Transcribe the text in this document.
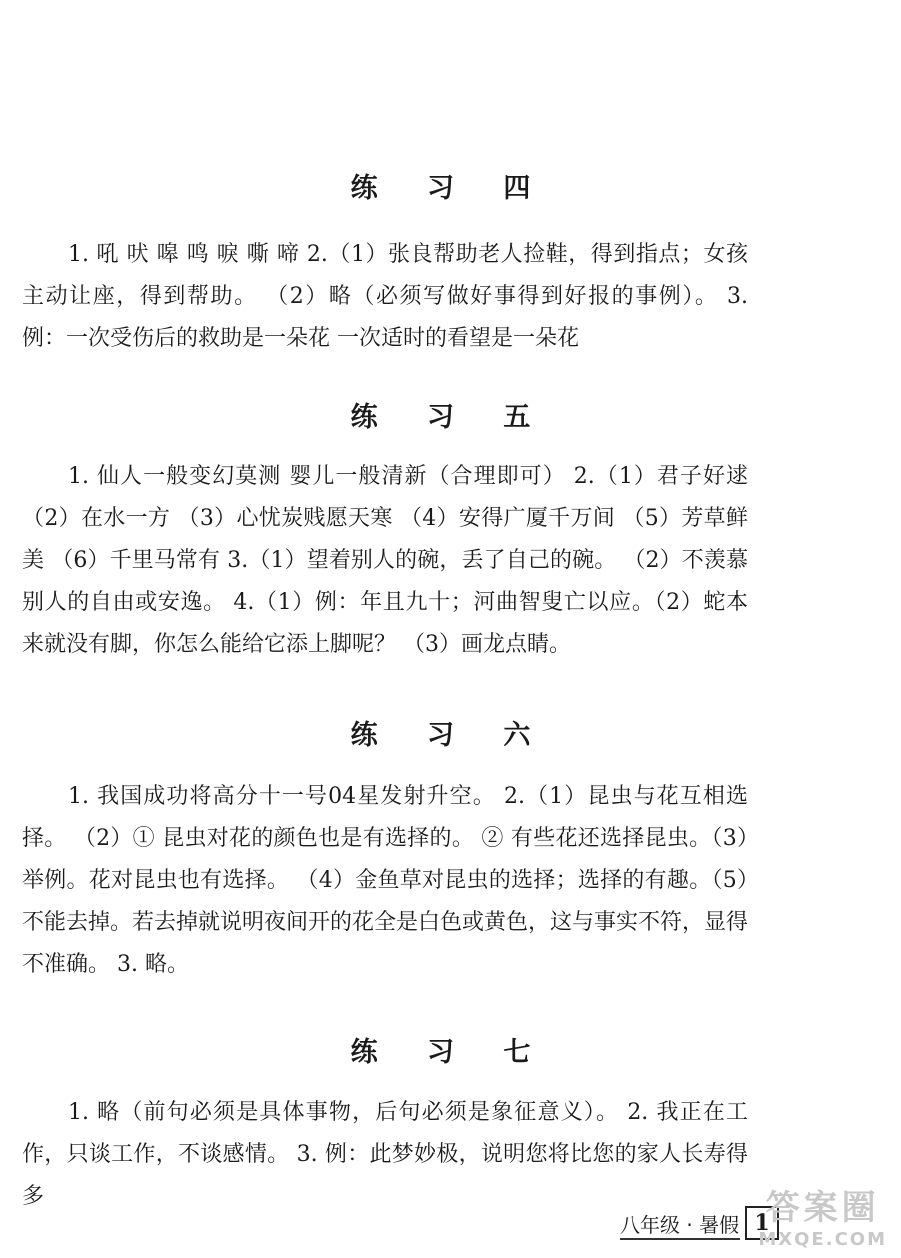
练 习 四
1. 吼 吠 嗥 鸣 唳 嘶 啼 2.（1）张良帮助老人捡鞋，得到指点；女孩主动让座，得到帮助。 （2）略（必须写做好事得到好报的事例）。 3. 例：一次受伤后的救助是一朵花 一次适时的看望是一朵花
练 习 五
1. 仙人一般变幻莫测 婴儿一般清新（合理即可） 2.（1）君子好逑 （2）在水一方 （3）心忧炭贱愿天寒 （4）安得广厦千万间 （5）芳草鲜美 （6）千里马常有 3.（1）望着别人的碗，丢了自己的碗。 （2）不羡慕别人的自由或安逸。 4.（1）例：年且九十；河曲智叟亡以应。（2）蛇本来就没有脚，你怎么能给它添上脚呢？ （3）画龙点睛。
练 习 六
1. 我国成功将高分十一号04星发射升空。 2.（1）昆虫与花互相选择。 （2）① 昆虫对花的颜色也是有选择的。 ② 有些花还选择昆虫。（3）举例。花对昆虫也有选择。 （4）金鱼草对昆虫的选择；选择的有趣。（5）不能去掉。若去掉就说明夜间开的花全是白色或黄色，这与事实不符，显得不准确。 3. 略。
练 习 七
1. 略（前句必须是具体事物，后句必须是象征意义）。 2. 我正在工作，只谈工作，不谈感情。 3. 例：此梦妙极，说明您将比您的家人长寿得多
八年级 · 暑假 1
答案圈
MXQE.COM
